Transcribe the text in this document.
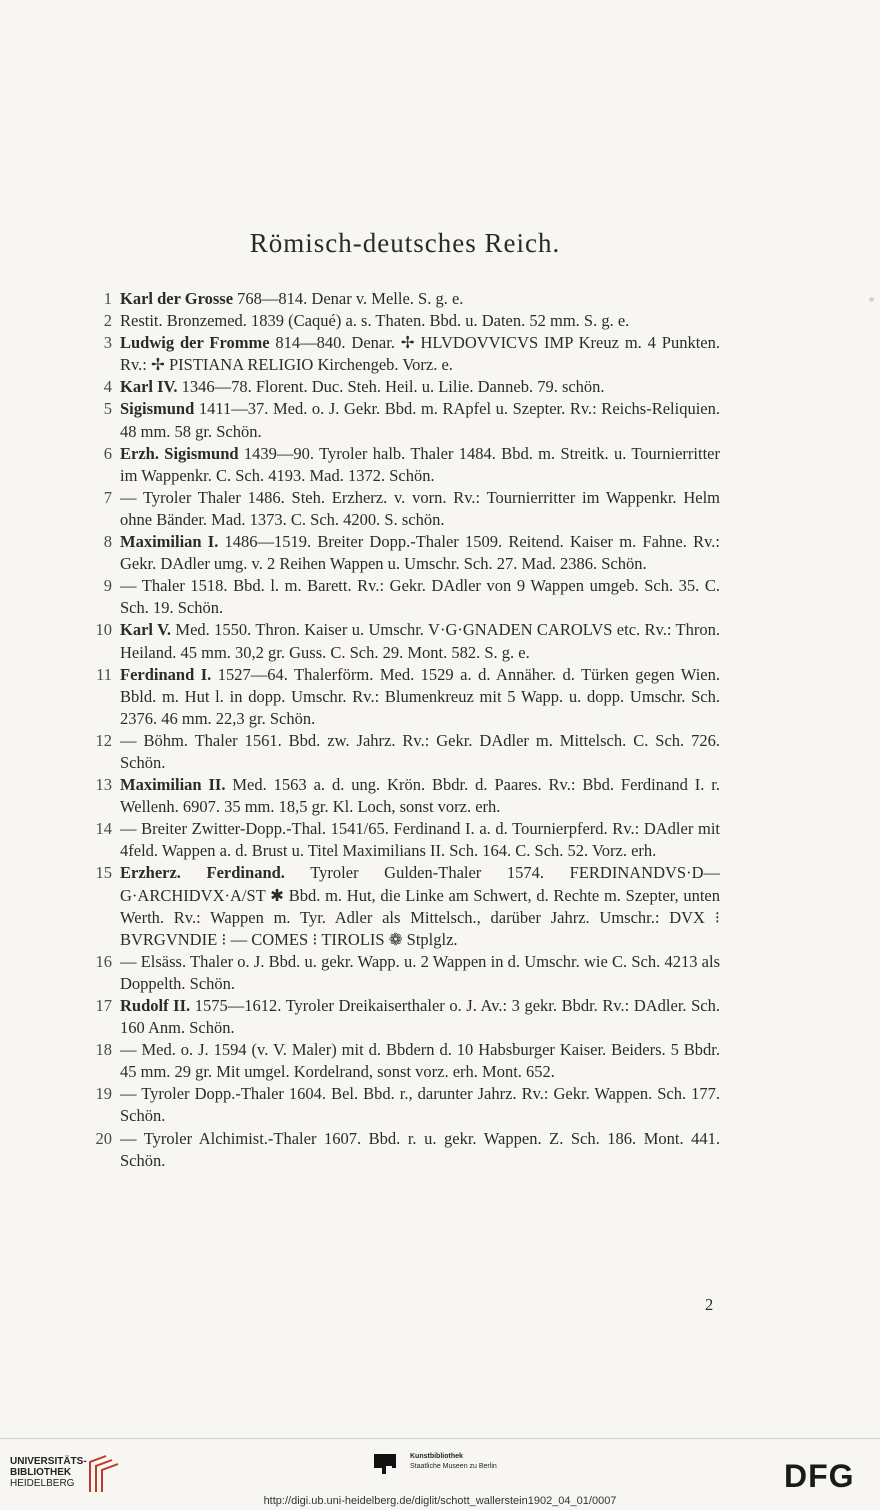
Römisch-deutsches Reich.
1 Karl der Grosse 768—814. Denar v. Melle. S. g. e.
2 Restit. Bronzemed. 1839 (Caqué) a. s. Thaten. Bbd. u. Daten. 52 mm. S. g. e.
3 Ludwig der Fromme 814—840. Denar. ✢ HLVDOVVICVS IMP Kreuz m. 4 Punkten. Rv.: ✢ PISTIANA RELIGIO Kirchengeb. Vorz. e.
4 Karl IV. 1346—78. Florent. Duc. Steh. Heil. u. Lilie. Danneb. 79. schön.
5 Sigismund 1411—37. Med. o. J. Gekr. Bbd. m. RApfel u. Szepter. Rv.: Reichs-Reliquien. 48 mm. 58 gr. Schön.
6 Erzh. Sigismund 1439—90. Tyroler halb. Thaler 1484. Bbd. m. Streitk. u. Tournierritter im Wappenkr. C. Sch. 4193. Mad. 1372. Schön.
7 — Tyroler Thaler 1486. Steh. Erzherz. v. vorn. Rv.: Tournierritter im Wappenkr. Helm ohne Bänder. Mad. 1373. C. Sch. 4200. S. schön.
8 Maximilian I. 1486—1519. Breiter Dopp.-Thaler 1509. Reitend. Kaiser m. Fahne. Rv.: Gekr. DAdler umg. v. 2 Reihen Wappen u. Umschr. Sch. 27. Mad. 2386. Schön.
9 — Thaler 1518. Bbd. l. m. Barett. Rv.: Gekr. DAdler von 9 Wappen umgeb. Sch. 35. C. Sch. 19. Schön.
10 Karl V. Med. 1550. Thron. Kaiser u. Umschr. V·G·GNADEN CAROLVS etc. Rv.: Thron. Heiland. 45 mm. 30,2 gr. Guss. C. Sch. 29. Mont. 582. S. g. e.
11 Ferdinand I. 1527—64. Thalerförm. Med. 1529 a. d. Annäher. d. Türken gegen Wien. Bbld. m. Hut l. in dopp. Umschr. Rv.: Blumenkreuz mit 5 Wapp. u. dopp. Umschr. Sch. 2376. 46 mm. 22,3 gr. Schön.
12 — Böhm. Thaler 1561. Bbd. zw. Jahrz. Rv.: Gekr. DAdler m. Mittelsch. C. Sch. 726. Schön.
13 Maximilian II. Med. 1563 a. d. ung. Krön. Bbdr. d. Paares. Rv.: Bbd. Ferdinand I. r. Wellenh. 6907. 35 mm. 18,5 gr. Kl. Loch, sonst vorz. erh.
14 — Breiter Zwitter-Dopp.-Thal. 1541/65. Ferdinand I. a. d. Tournierpferd. Rv.: DAdler mit 4feld. Wappen a. d. Brust u. Titel Maximilians II. Sch. 164. C. Sch. 52. Vorz. erh.
15 Erzherz. Ferdinand. Tyroler Gulden-Thaler 1574. FERDINANDVS·D—G·ARCHIDVX·A/ST ✱ Bbd. m. Hut, die Linke am Schwert, d. Rechte m. Szepter, unten Werth. Rv.: Wappen m. Tyr. Adler als Mittelsch., darüber Jahrz. Umschr.: DVX ⁝ BVRGVNDIE ⁝ — COMES ⁝ TIROLIS ❁ Stplglz.
16 — Elsäss. Thaler o. J. Bbd. u. gekr. Wapp. u. 2 Wappen in d. Umschr. wie C. Sch. 4213 als Doppelth. Schön.
17 Rudolf II. 1575—1612. Tyroler Dreikaiserthaler o. J. Av.: 3 gekr. Bbdr. Rv.: DAdler. Sch. 160 Anm. Schön.
18 — Med. o. J. 1594 (v. V. Maler) mit d. Bbdern d. 10 Habsburger Kaiser. Beiders. 5 Bbdr. 45 mm. 29 gr. Mit umgel. Kordelrand, sonst vorz. erh. Mont. 652.
19 — Tyroler Dopp.-Thaler 1604. Bel. Bbd. r., darunter Jahrz. Rv.: Gekr. Wappen. Sch. 177. Schön.
20 — Tyroler Alchimist.-Thaler 1607. Bbd. r. u. gekr. Wappen. Z. Sch. 186. Mont. 441. Schön.
2
UNIVERSITÄTS-
BIBLIOTHEK
HEIDELBERG
Kunstbibliothek
Staatliche Museen zu Berlin	DFG
http://digi.ub.uni-heidelberg.de/diglit/schott_wallerstein1902_04_01/0007
